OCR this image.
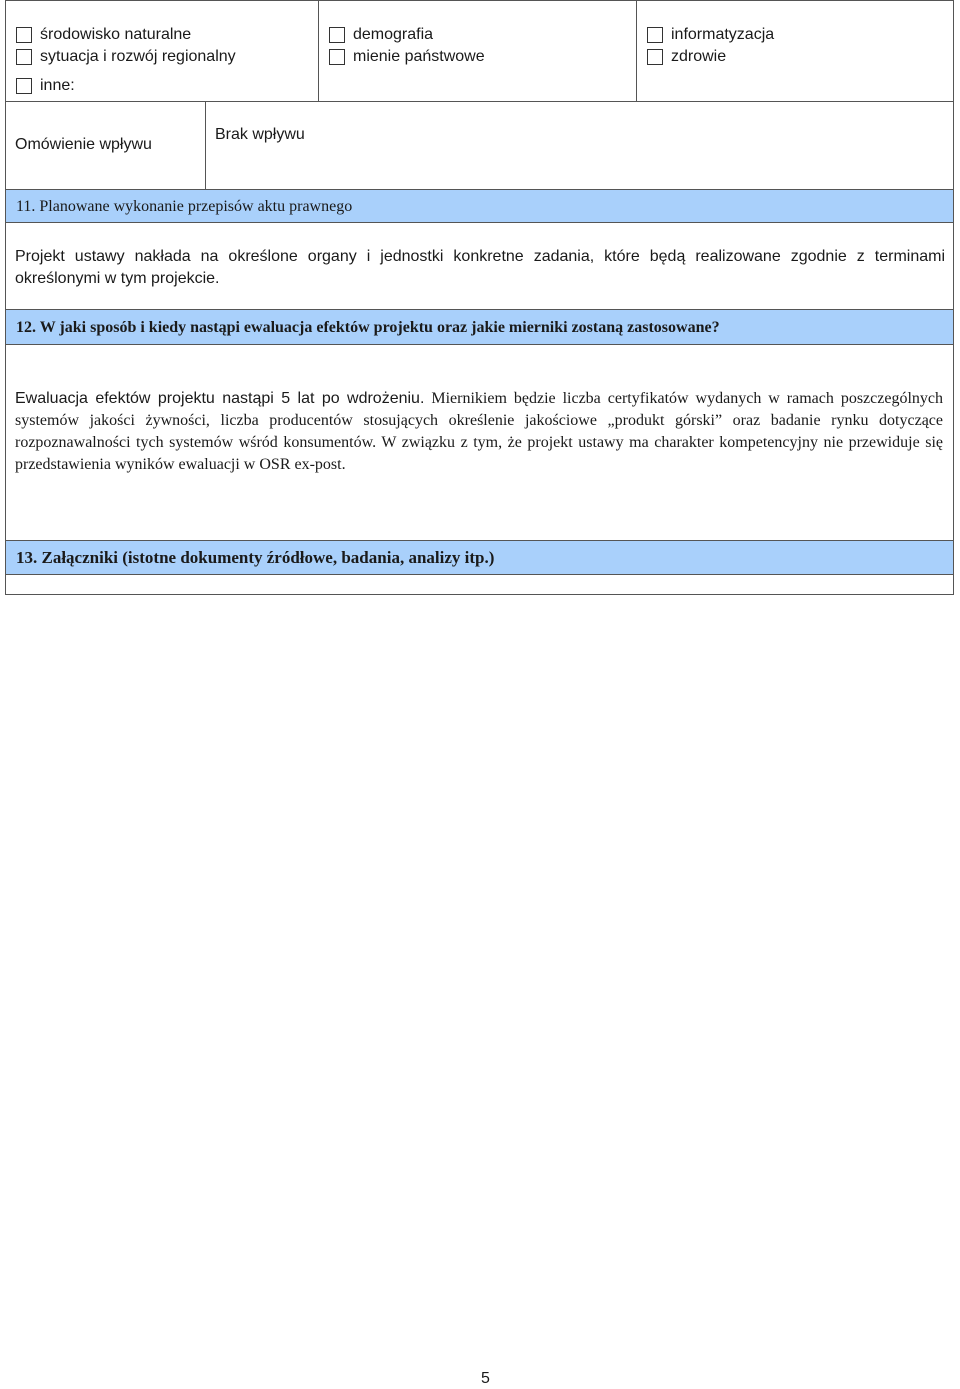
środowisko naturalne
sytuacja i rozwój regionalny
inne:
demografia
mienie państwowe
informatyzacja
zdrowie
Omówienie wpływu
Brak wpływu
11. Planowane wykonanie przepisów aktu prawnego
Projekt ustawy nakłada na określone organy i jednostki konkretne zadania, które będą realizowane zgodnie z terminami określonymi w tym projekcie.
12. W jaki sposób i kiedy nastąpi ewaluacja efektów projektu oraz jakie mierniki zostaną zastosowane?
Ewaluacja efektów projektu nastąpi 5 lat po wdrożeniu. Miernikiem będzie liczba certyfikatów wydanych w ramach poszczególnych systemów jakości żywności, liczba producentów stosujących określenie jakościowe „produkt górski” oraz badanie rynku dotyczące rozpoznawalności tych systemów wśród konsumentów. W związku z tym, że projekt ustawy ma charakter kompetencyjny nie przewiduje się przedstawienia wyników ewaluacji w OSR ex-post.
13. Załączniki (istotne dokumenty źródłowe, badania, analizy itp.)
5
